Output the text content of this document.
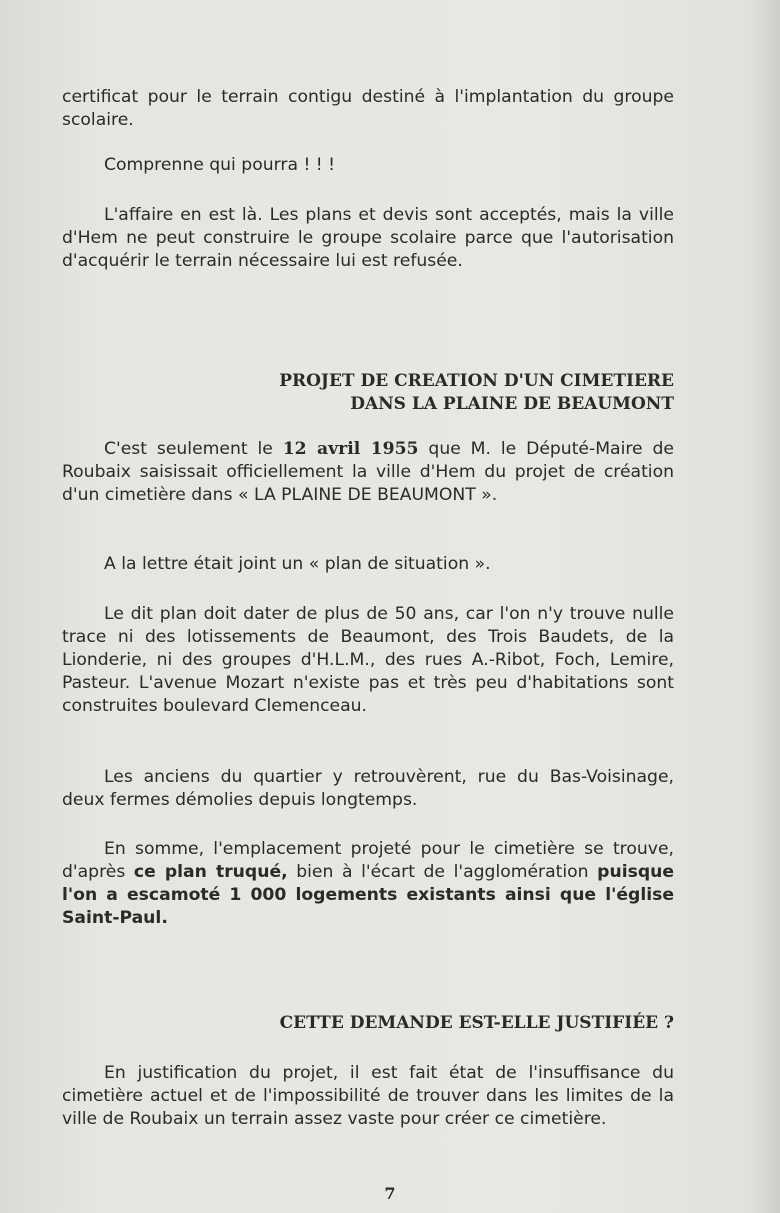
certificat pour le terrain contigu destiné à l'implantation du groupe scolaire.

Comprenne qui pourra ! ! !

L'affaire en est là. Les plans et devis sont acceptés, mais la ville d'Hem ne peut construire le groupe scolaire parce que l'autorisation d'acquérir le terrain nécessaire lui est refusée.

PROJET DE CREATION D'UN CIMETIERE
DANS LA PLAINE DE BEAUMONT

C'est seulement le 12 avril 1955 que M. le Député-Maire de Roubaix saisissait officiellement la ville d'Hem du projet de création d'un cimetière dans « LA PLAINE DE BEAUMONT ».

A la lettre était joint un « plan de situation ».

Le dit plan doit dater de plus de 50 ans, car l'on n'y trouve nulle trace ni des lotissements de Beaumont, des Trois Baudets, de la Lionderie, ni des groupes d'H.L.M., des rues A.-Ribot, Foch, Lemire, Pasteur. L'avenue Mozart n'existe pas et très peu d'habitations sont construites boulevard Clemenceau.

Les anciens du quartier y retrouvèrent, rue du Bas-Voisinage, deux fermes démolies depuis longtemps.

En somme, l'emplacement projeté pour le cimetière se trouve, d'après ce plan truqué, bien à l'écart de l'agglomération puisque l'on a escamoté 1 000 logements existants ainsi que l'église Saint-Paul.

CETTE DEMANDE EST-ELLE JUSTIFIÉE ?

En justification du projet, il est fait état de l'insuffisance du cimetière actuel et de l'impossibilité de trouver dans les limites de la ville de Roubaix un terrain assez vaste pour créer ce cimetière.

7
